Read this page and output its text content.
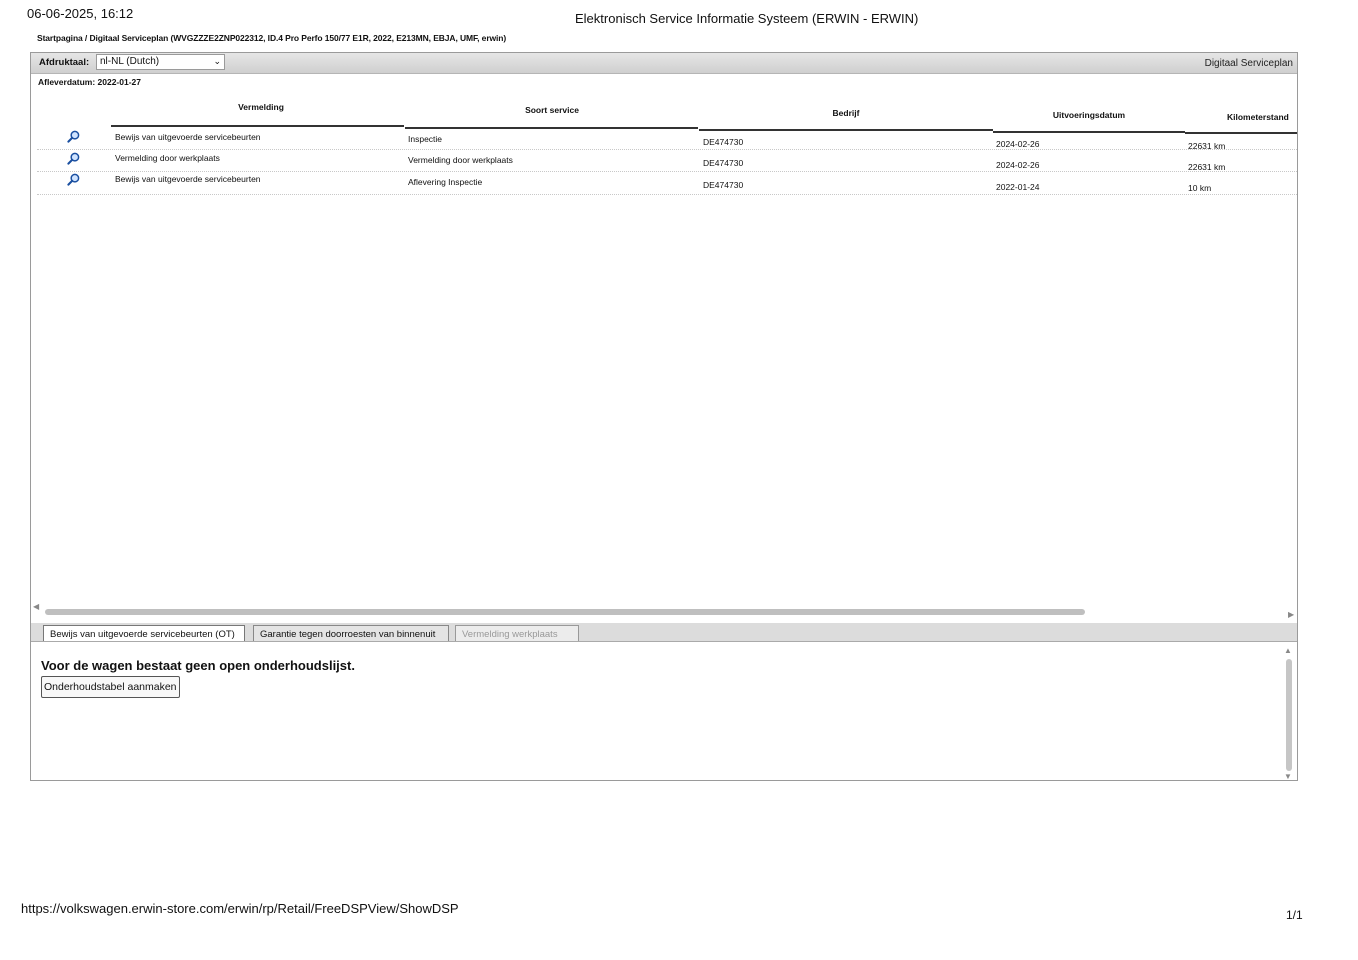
06-06-2025, 16:12	Elektronisch Service Informatie Systeem (ERWIN - ERWIN)
Startpagina / Digitaal Serviceplan (WVGZZZE2ZNP022312, ID.4 Pro Perfo 150/77 E1R, 2022, E213MN, EBJA, UMF, erwin)
Afdruktaal:	nl-NL (Dutch)	⌄	Digitaal Serviceplan
Afleverdatum: 2022-01-27
Vermelding	Soort service	Bedrijf	Uitvoeringsdatum	Kilometerstand
Bewijs van uitgevoerde servicebeurten	Inspectie	DE474730	2024-02-26	22631 km
Vermelding door werkplaats	Vermelding door werkplaats	DE474730	2024-02-26	22631 km
Bewijs van uitgevoerde servicebeurten	Aflevering Inspectie	DE474730	2022-01-24	10 km
◀
▶
Bewijs van uitgevoerde servicebeurten (OT)	Garantie tegen doorroesten van binnenuit	Vermelding werkplaats
Voor de wagen bestaat geen open onderhoudslijst.
Onderhoudstabel aanmaken
▲
▼
https://volkswagen.erwin-store.com/erwin/rp/Retail/FreeDSPView/ShowDSP	1/1
